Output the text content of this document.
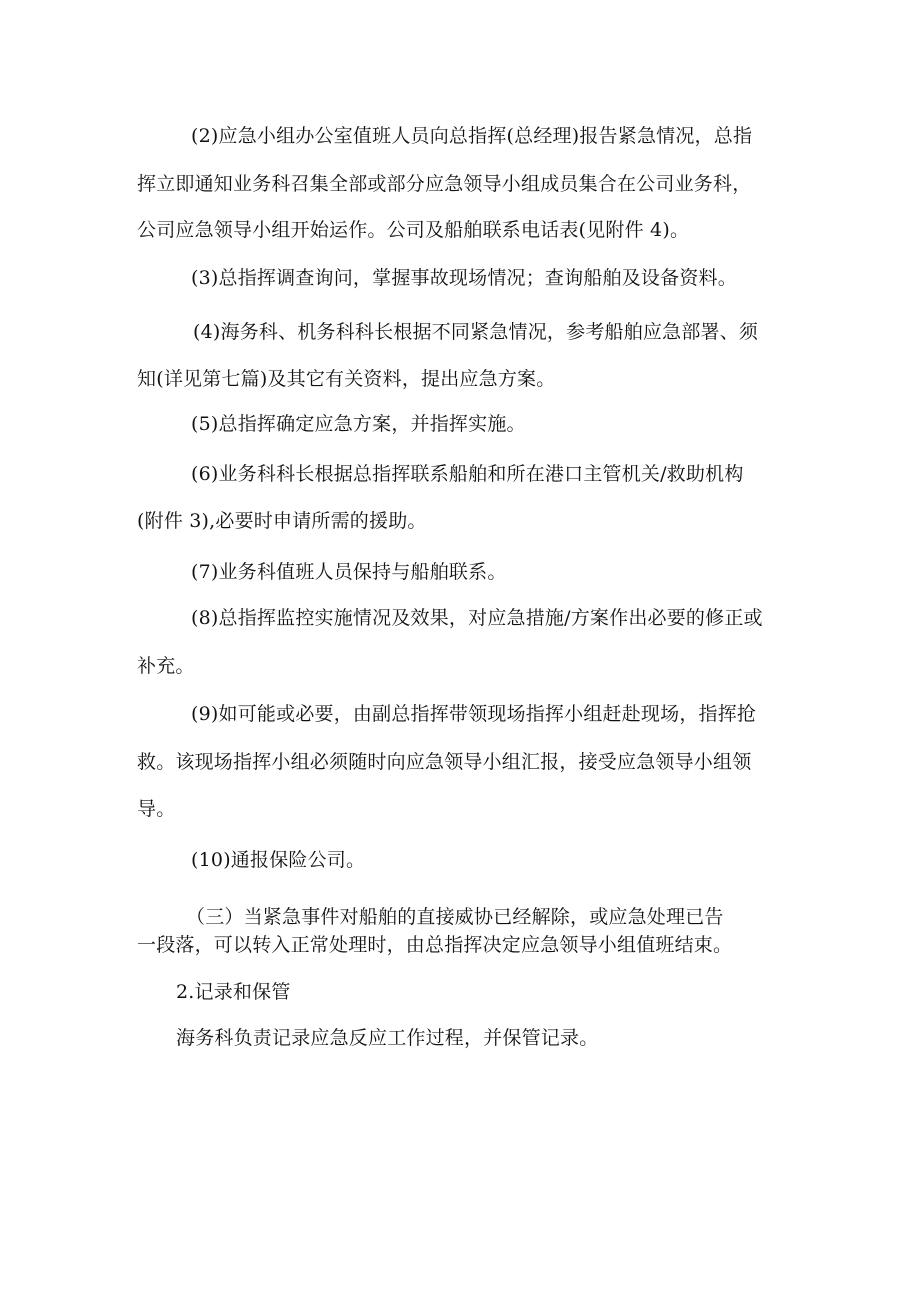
(2)应急小组办公室值班人员向总指挥(总经理)报告紧急情况，总指
挥立即通知业务科召集全部或部分应急领导小组成员集合在公司业务科，
公司应急领导小组开始运作。公司及船舶联系电话表(见附件 4)。
(3)总指挥调查询问，掌握事故现场情况；查询船舶及设备资料。
(4)海务科、机务科科长根据不同紧急情况，参考船舶应急部署、须
知(详见第七篇)及其它有关资料，提出应急方案。
(5)总指挥确定应急方案，并指挥实施。
(6)业务科科长根据总指挥联系船舶和所在港口主管机关/救助机构
(附件 3),必要时申请所需的援助。
(7)业务科值班人员保持与船舶联系。
(8)总指挥监控实施情况及效果，对应急措施/方案作出必要的修正或
补充。
(9)如可能或必要，由副总指挥带领现场指挥小组赶赴现场，指挥抢
救。该现场指挥小组必须随时向应急领导小组汇报，接受应急领导小组领
导。
(10)通报保险公司。
（三）当紧急事件对船舶的直接威协已经解除，或应急处理已告
一段落，可以转入正常处理时，由总指挥决定应急领导小组值班结束。
2.记录和保管
海务科负责记录应急反应工作过程，并保管记录。
